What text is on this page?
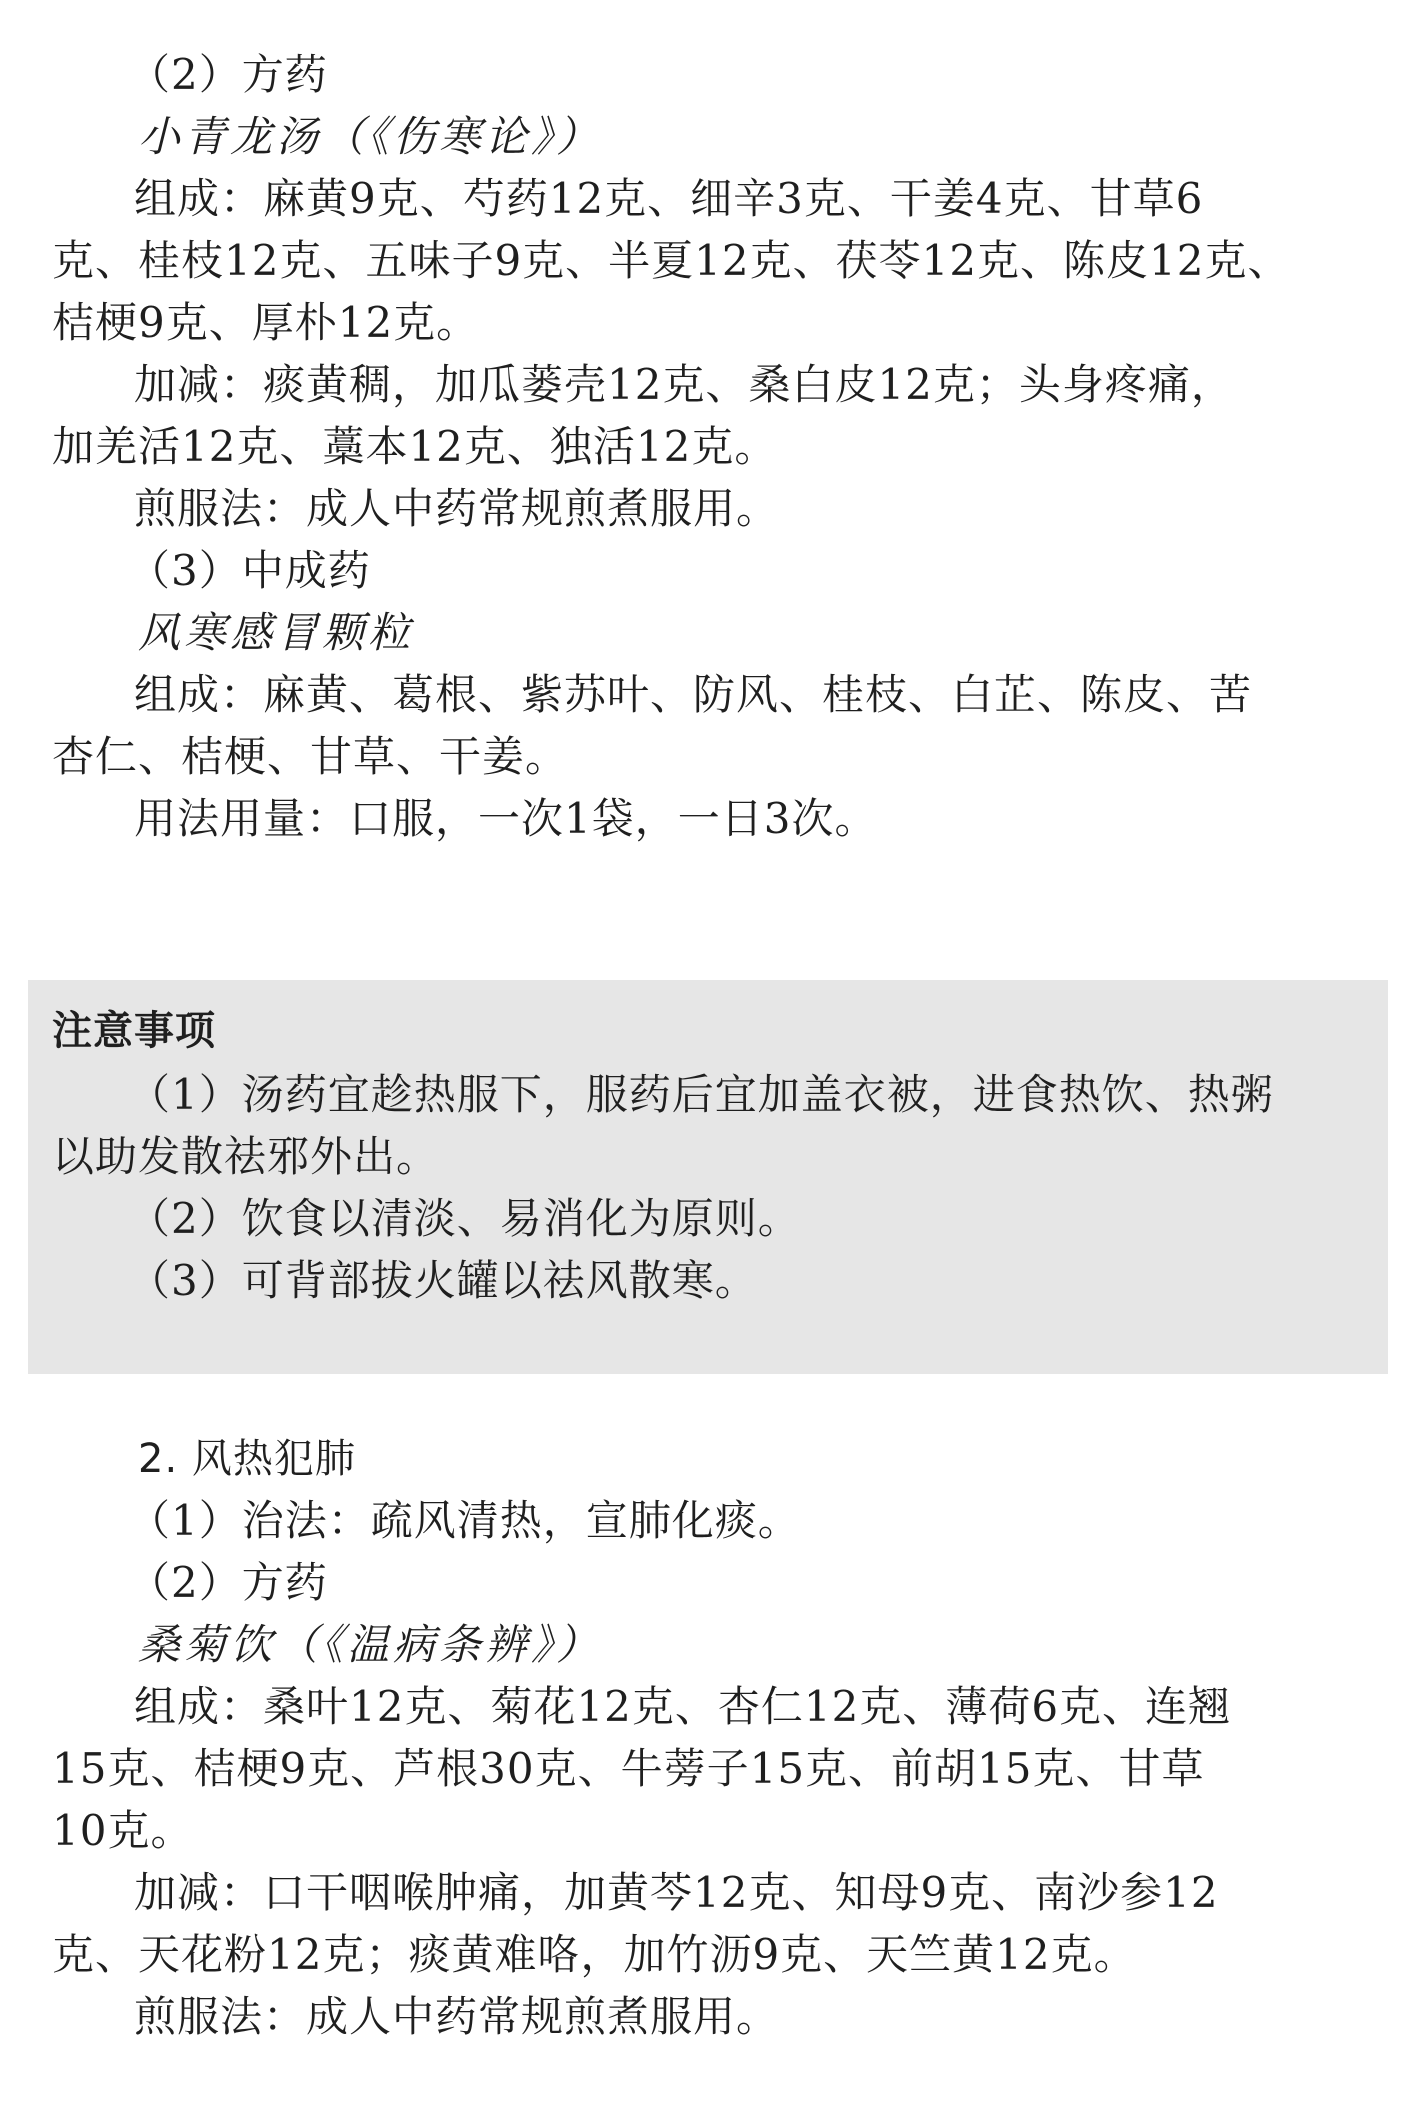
（2）方药
小青龙汤（《伤寒论》）
组成：麻黄9克、芍药12克、细辛3克、干姜4克、甘草6
克、桂枝12克、五味子9克、半夏12克、茯苓12克、陈皮12克、
桔梗9克、厚朴12克。
加减：痰黄稠，加瓜蒌壳12克、桑白皮12克；头身疼痛，
加羌活12克、藁本12克、独活12克。
煎服法：成人中药常规煎煮服用。
（3）中成药
风寒感冒颗粒
组成：麻黄、葛根、紫苏叶、防风、桂枝、白芷、陈皮、苦
杏仁、桔梗、甘草、干姜。
用法用量：口服，一次1袋，一日3次。
注意事项
（1）汤药宜趁热服下，服药后宜加盖衣被，进食热饮、热粥
以助发散祛邪外出。
（2）饮食以清淡、易消化为原则。
（3）可背部拔火罐以祛风散寒。
2. 风热犯肺
（1）治法：疏风清热，宣肺化痰。
（2）方药
桑菊饮（《温病条辨》）
组成：桑叶12克、菊花12克、杏仁12克、薄荷6克、连翘
15克、桔梗9克、芦根30克、牛蒡子15克、前胡15克、甘草
10克。
加减：口干咽喉肿痛，加黄芩12克、知母9克、南沙参12
克、天花粉12克；痰黄难咯，加竹沥9克、天竺黄12克。
煎服法：成人中药常规煎煮服用。
